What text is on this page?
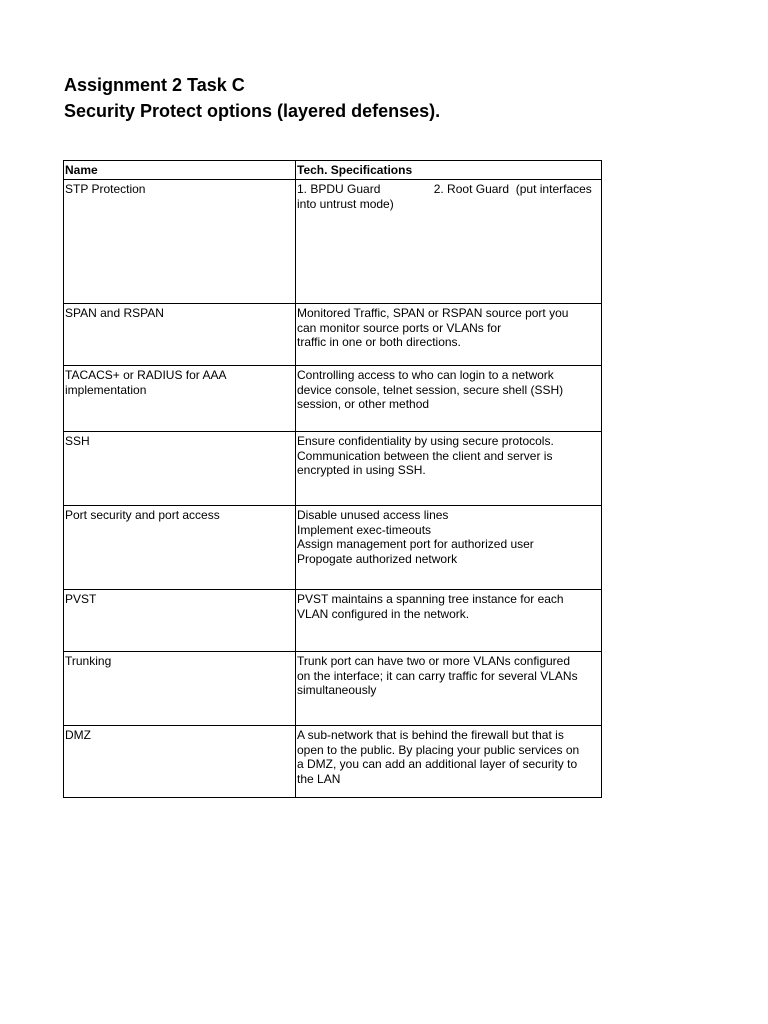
Assignment 2 Task C
Security Protect options (layered defenses).
Name	Tech. Specifications
STP Protection	1. BPDU Guard                2. Root Guard  (put interfaces
into untrust mode)

SPAN and RSPAN	Monitored Traffic, SPAN or RSPAN source port you
can monitor source ports or VLANs for
traffic in one or both directions.
TACACS+ or RADIUS for AAA
implementation	Controlling access to who can login to a network
device console, telnet session, secure shell (SSH)
session, or other method
SSH	Ensure confidentiality by using secure protocols.
Communication between the client and server is
encrypted in using SSH.
Port security and port access	Disable unused access lines
Implement exec-timeouts
Assign management port for authorized user
Propogate authorized network
PVST	PVST maintains a spanning tree instance for each
VLAN configured in the network.
Trunking	Trunk port can have two or more VLANs configured
on the interface; it can carry traffic for several VLANs
simultaneously
DMZ	A sub-network that is behind the firewall but that is
open to the public. By placing your public services on
a DMZ, you can add an additional layer of security to
the LAN
